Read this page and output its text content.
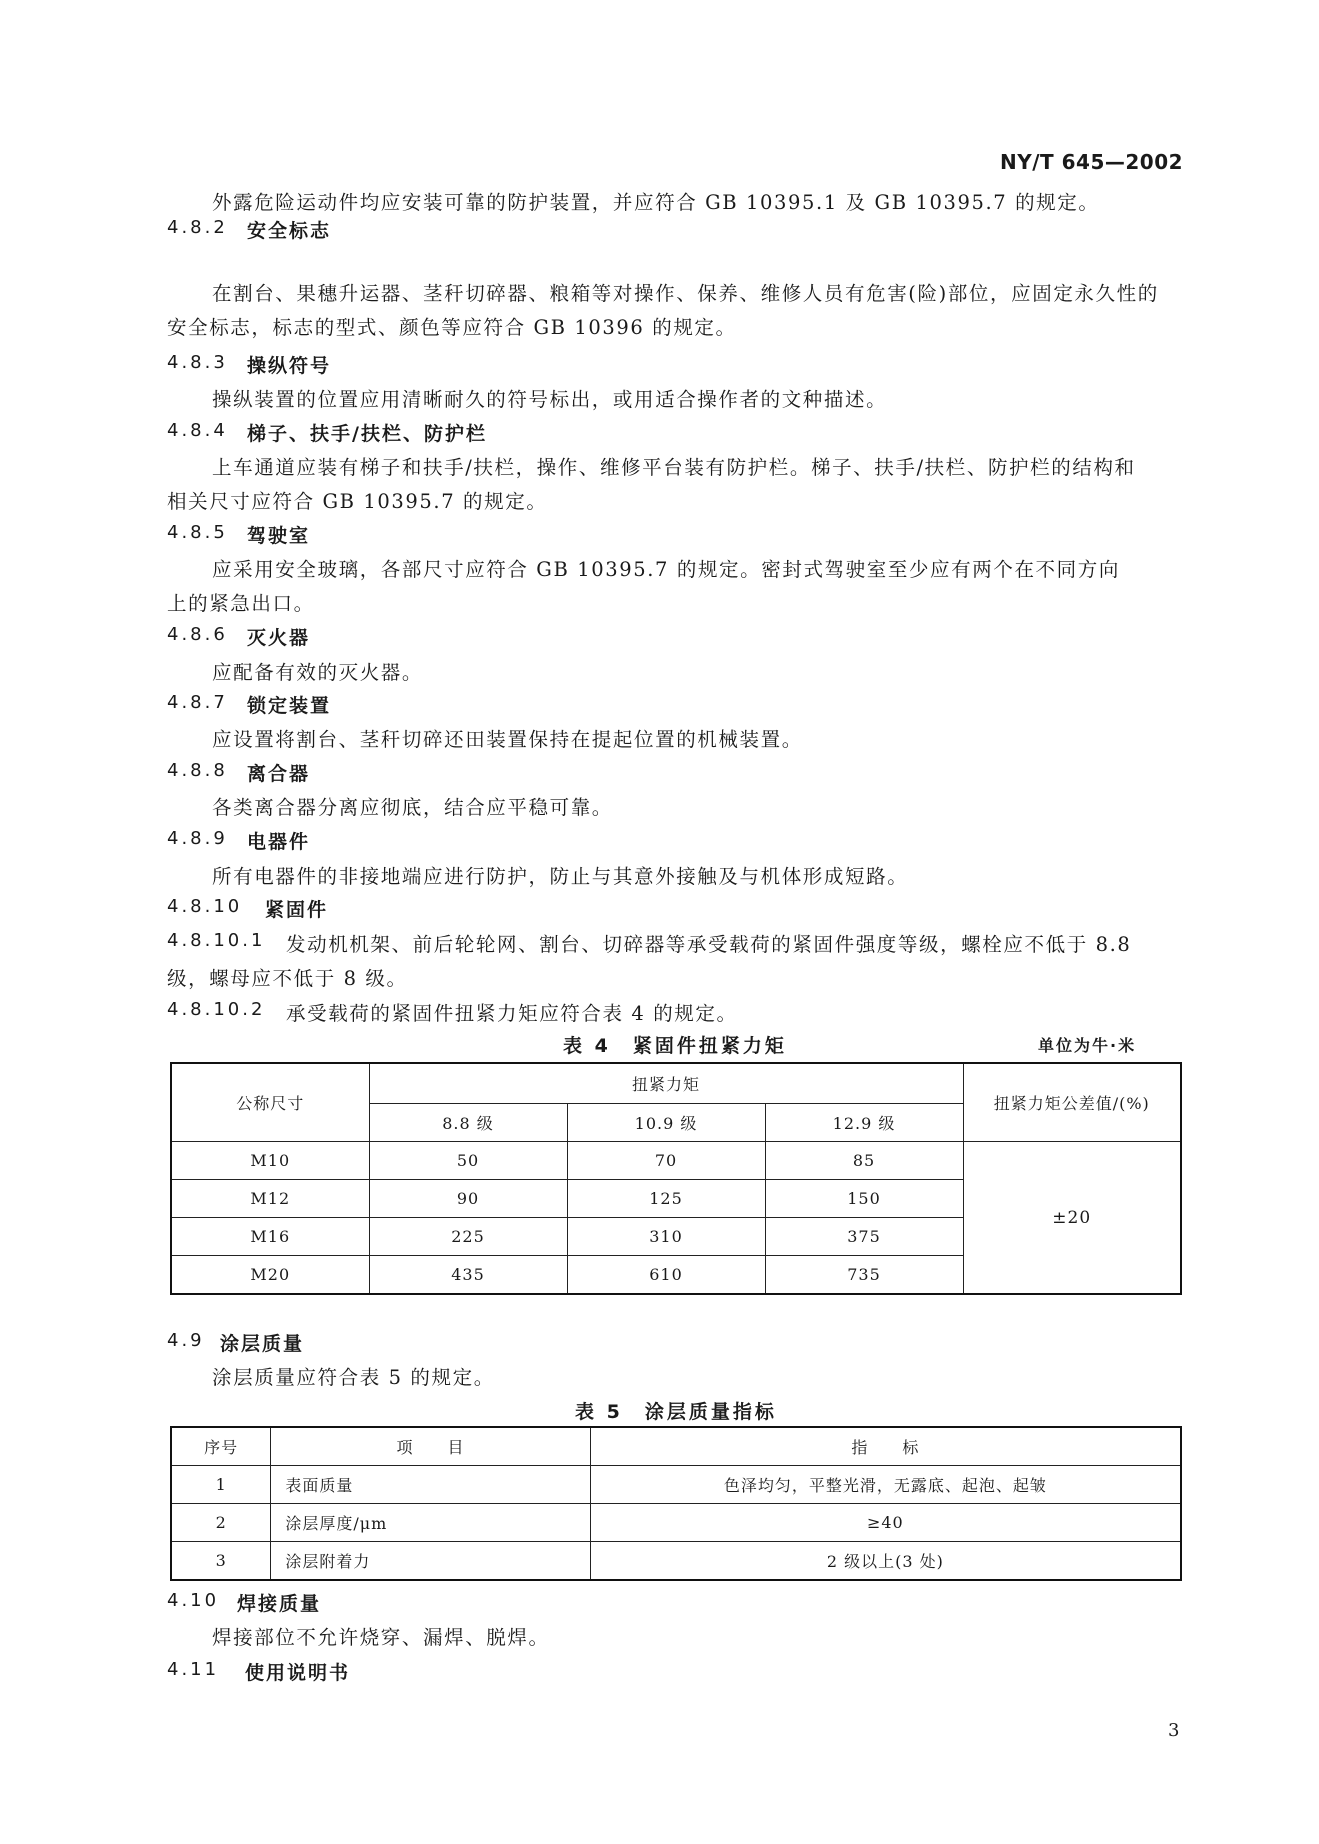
NY/T 645—2002
外露危险运动件均应安装可靠的防护装置，并应符合 GB 10395.1 及 GB 10395.7 的规定。
4.8.2 安全标志
在割台、果穗升运器、茎秆切碎器、粮箱等对操作、保养、维修人员有危害(险)部位，应固定永久性的
安全标志，标志的型式、颜色等应符合 GB 10396 的规定。
4.8.3 操纵符号
操纵装置的位置应用清晰耐久的符号标出，或用适合操作者的文种描述。
4.8.4 梯子、扶手/扶栏、防护栏
上车通道应装有梯子和扶手/扶栏，操作、维修平台装有防护栏。梯子、扶手/扶栏、防护栏的结构和
相关尺寸应符合 GB 10395.7 的规定。
4.8.5 驾驶室
应采用安全玻璃，各部尺寸应符合 GB 10395.7 的规定。密封式驾驶室至少应有两个在不同方向
上的紧急出口。
4.8.6 灭火器
应配备有效的灭火器。
4.8.7 锁定装置
应设置将割台、茎秆切碎还田装置保持在提起位置的机械装置。
4.8.8 离合器
各类离合器分离应彻底，结合应平稳可靠。
4.8.9 电器件
所有电器件的非接地端应进行防护，防止与其意外接触及与机体形成短路。
4.8.10 紧固件
4.8.10.1 发动机机架、前后轮轮网、割台、切碎器等承受载荷的紧固件强度等级，螺栓应不低于 8.8
级，螺母应不低于 8 级。
4.8.10.2 承受载荷的紧固件扭紧力矩应符合表 4 的规定。
表 4　紧固件扭紧力矩	单位为牛·米
公称尺寸	扭紧力矩			扭紧力矩公差值/(%)
	8.8 级	10.9 级	12.9 级	
M10	50	70	85	±20
M12	90	125	150	
M16	225	310	375	
M20	435	610	735	
4.9 涂层质量
涂层质量应符合表 5 的规定。
表 5　涂层质量指标
序号	项　　目	指　　标
1	表面质量	色泽均匀，平整光滑，无露底、起泡、起皱
2	涂层厚度/μm	≥40
3	涂层附着力	2 级以上(3 处)
4.10 焊接质量
焊接部位不允许烧穿、漏焊、脱焊。
4.11 使用说明书
3
